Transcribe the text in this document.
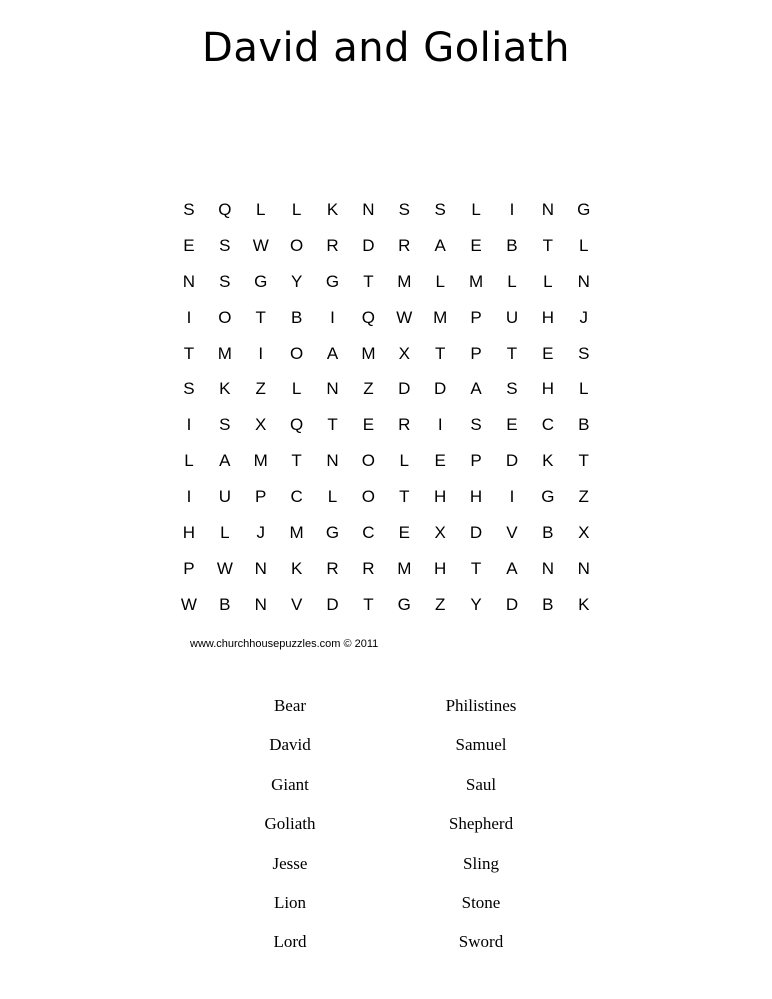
David and Goliath
S	Q	L	L	K	N	S	S	L	I	N	G
E	S	W	O	R	D	R	A	E	B	T	L
N	S	G	Y	G	T	M	L	M	L	L	N
I	O	T	B	I	Q	W	M	P	U	H	J
T	M	I	O	A	M	X	T	P	T	E	S
S	K	Z	L	N	Z	D	D	A	S	H	L
I	S	X	Q	T	E	R	I	S	E	C	B
L	A	M	T	N	O	L	E	P	D	K	T
I	U	P	C	L	O	T	H	H	I	G	Z
H	L	J	M	G	C	E	X	D	V	B	X
P	W	N	K	R	R	M	H	T	A	N	N
W	B	N	V	D	T	G	Z	Y	D	B	K
www.churchhousepuzzles.com © 2011
Bear	Philistines
David	Samuel
Giant	Saul
Goliath	Shepherd
Jesse	Sling
Lion	Stone
Lord	Sword
